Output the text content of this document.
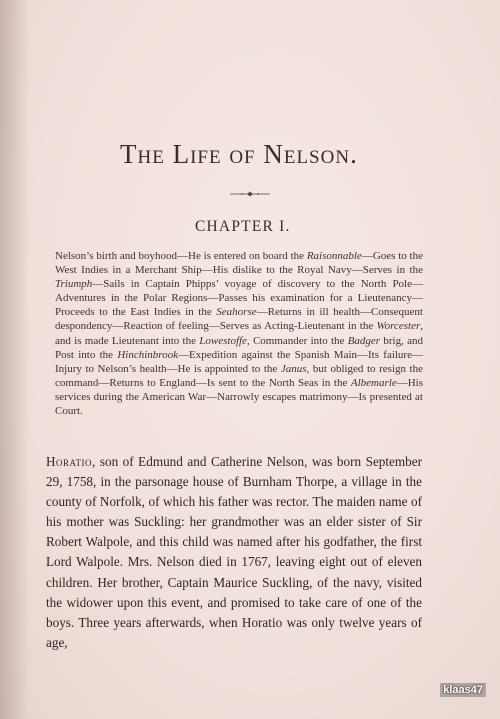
The Life of Nelson.
CHAPTER I.

Nelson’s birth and boyhood—He is entered on board the Raisonnable—Goes to the West Indies in a Merchant Ship—His dislike to the Royal Navy—Serves in the Triumph—Sails in Captain Phipps’ voyage of discovery to the North Pole—Adventures in the Polar Regions—Passes his examination for a Lieutenancy—Proceeds to the East Indies in the Seahorse—Returns in ill health—Consequent despondency—Reaction of feeling—Serves as Acting-Lieutenant in the Worcester, and is made Lieutenant into the Lowestoffe, Commander into the Badger brig, and Post into the Hinchinbrook—Expedition against the Spanish Main—Its failure—Injury to Nelson’s health—He is appointed to the Janus, but obliged to resign the command—Returns to England—Is sent to the North Seas in the Albemarle—His services during the American War—Narrowly escapes matrimony—Is presented at Court.

Horatio, son of Edmund and Catherine Nelson, was born September 29, 1758, in the parsonage house of Burnham Thorpe, a village in the county of Norfolk, of which his father was rector. The maiden name of his mother was Suckling: her grandmother was an elder sister of Sir Robert Walpole, and this child was named after his godfather, the first Lord Walpole. Mrs. Nelson died in 1767, leaving eight out of eleven children. Her brother, Captain Maurice Suckling, of the navy, visited the widower upon this event, and promised to take care of one of the boys. Three years afterwards, when Horatio was only twelve years of age,

klaas47
